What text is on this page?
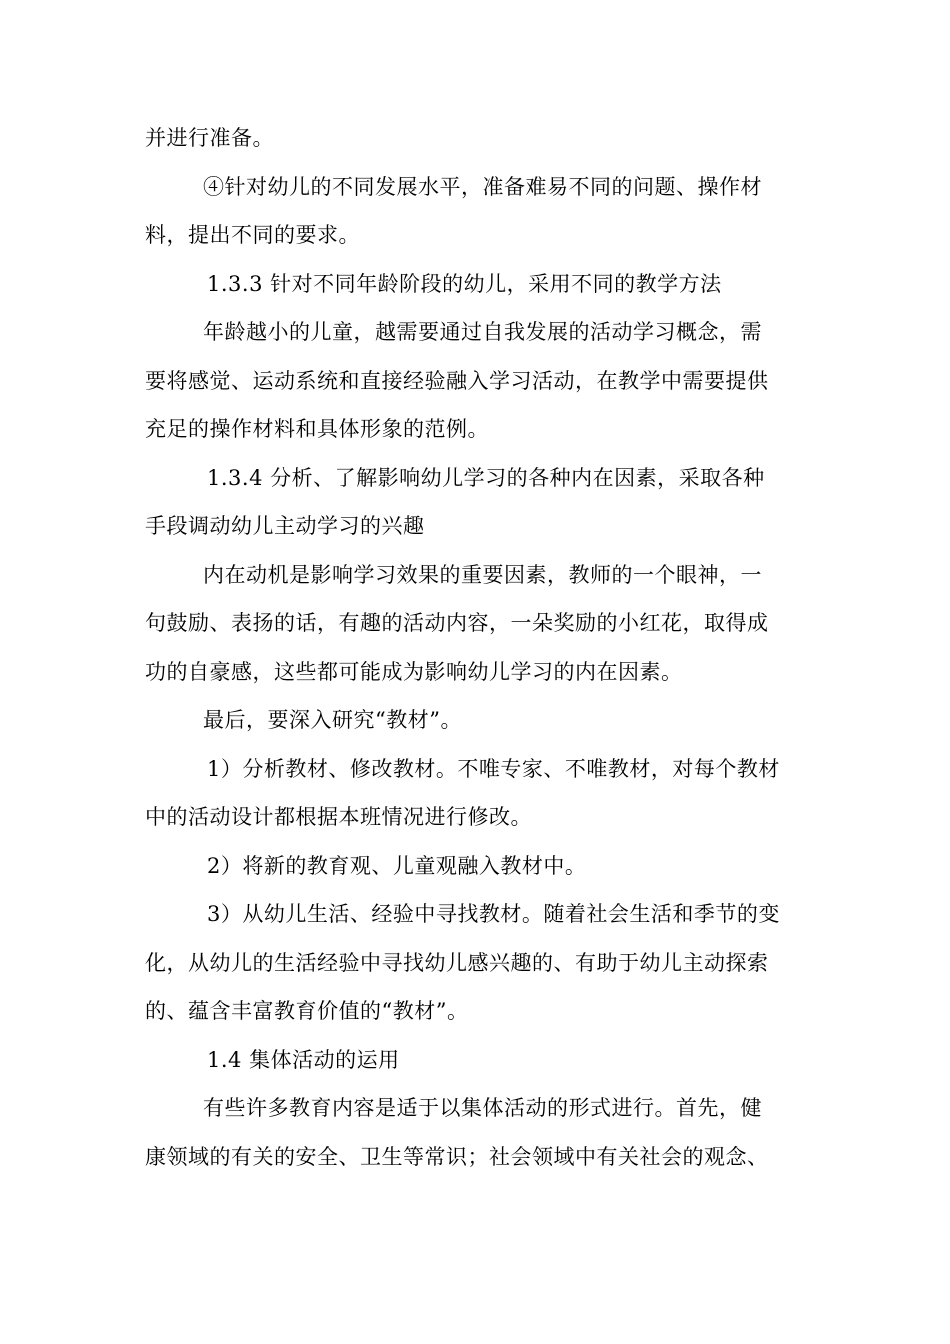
并进行准备。

④针对幼儿的不同发展水平，准备难易不同的问题、操作材

料，提出不同的要求。

1.3.3 针对不同年龄阶段的幼儿，采用不同的教学方法

年龄越小的儿童，越需要通过自我发展的活动学习概念，需

要将感觉、运动系统和直接经验融入学习活动，在教学中需要提供

充足的操作材料和具体形象的范例。

1.3.4 分析、了解影响幼儿学习的各种内在因素，采取各种

手段调动幼儿主动学习的兴趣

内在动机是影响学习效果的重要因素，教师的一个眼神，一

句鼓励、表扬的话，有趣的活动内容，一朵奖励的小红花，取得成

功的自豪感，这些都可能成为影响幼儿学习的内在因素。

最后，要深入研究“教材”。

1）分析教材、修改教材。不唯专家、不唯教材，对每个教材

中的活动设计都根据本班情况进行修改。

2）将新的教育观、儿童观融入教材中。

3）从幼儿生活、经验中寻找教材。随着社会生活和季节的变

化，从幼儿的生活经验中寻找幼儿感兴趣的、有助于幼儿主动探索

的、蕴含丰富教育价值的“教材”。

1.4 集体活动的运用

有些许多教育内容是适于以集体活动的形式进行。首先，健

康领域的有关的安全、卫生等常识；社会领域中有关社会的观念、
